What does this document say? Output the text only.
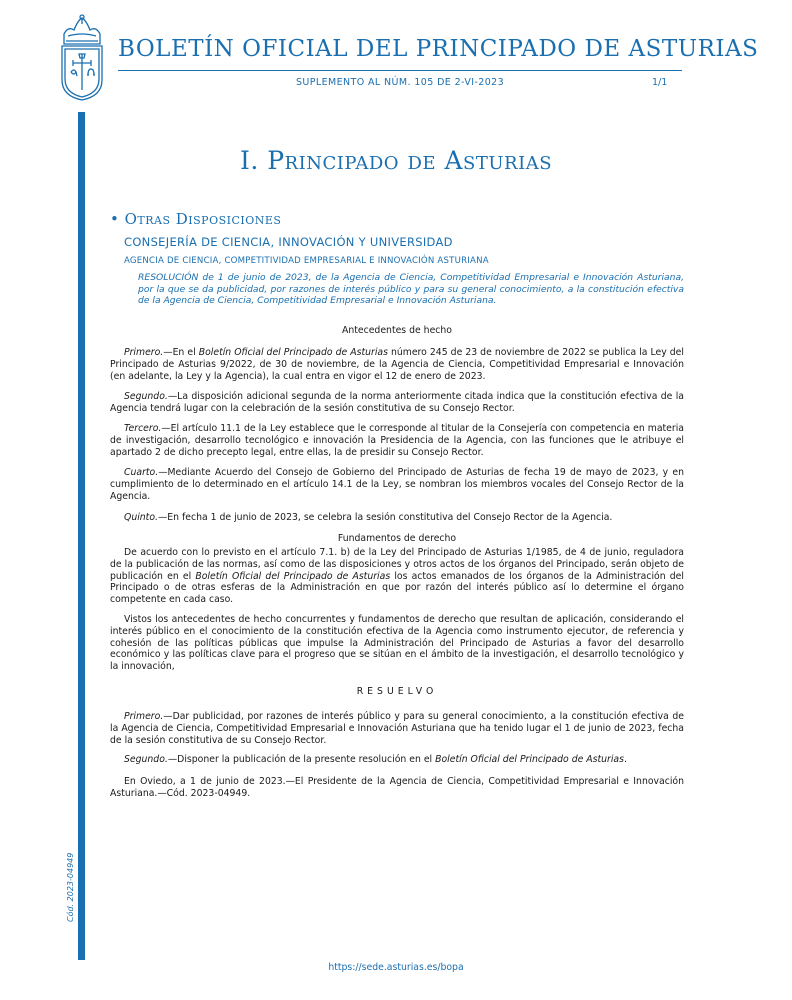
BOLETÍN OFICIAL DEL PRINCIPADO DE ASTURIAS
SUPLEMENTO AL NÚM. 105 DE 2-VI-2023	1/1
Cód. 2023-04949
I. Principado de Asturias
• Otras Disposiciones
CONSEJERÍA DE CIENCIA, INNOVACIÓN Y UNIVERSIDAD
AGENCIA DE CIENCIA, COMPETITIVIDAD EMPRESARIAL E INNOVACIÓN ASTURIANA
RESOLUCIÓN de 1 de junio de 2023, de la Agencia de Ciencia, Competitividad Empresarial e Innovación Asturiana, por la que se da publicidad, por razones de interés público y para su general conocimiento, a la constitución efectiva de la Agencia de Ciencia, Competitividad Empresarial e Innovación Asturiana.
Antecedentes de hecho
Primero.—En el Boletín Oficial del Principado de Asturias número 245 de 23 de noviembre de 2022 se publica la Ley del Principado de Asturias 9/2022, de 30 de noviembre, de la Agencia de Ciencia, Competitividad Empresarial e Innovación (en adelante, la Ley y la Agencia), la cual entra en vigor el 12 de enero de 2023.
Segundo.—La disposición adicional segunda de la norma anteriormente citada indica que la constitución efectiva de la Agencia tendrá lugar con la celebración de la sesión constitutiva de su Consejo Rector.
Tercero.—El artículo 11.1 de la Ley establece que le corresponde al titular de la Consejería con competencia en materia de investigación, desarrollo tecnológico e innovación la Presidencia de la Agencia, con las funciones que le atribuye el apartado 2 de dicho precepto legal, entre ellas, la de presidir su Consejo Rector.
Cuarto.—Mediante Acuerdo del Consejo de Gobierno del Principado de Asturias de fecha 19 de mayo de 2023, y en cumplimiento de lo determinado en el artículo 14.1 de la Ley, se nombran los miembros vocales del Consejo Rector de la Agencia.
Quinto.—En fecha 1 de junio de 2023, se celebra la sesión constitutiva del Consejo Rector de la Agencia.
Fundamentos de derecho
De acuerdo con lo previsto en el artículo 7.1. b) de la Ley del Principado de Asturias 1/1985, de 4 de junio, reguladora de la publicación de las normas, así como de las disposiciones y otros actos de los órganos del Principado, serán objeto de publicación en el Boletín Oficial del Principado de Asturias los actos emanados de los órganos de la Administración del Principado o de otras esferas de la Administración en que por razón del interés público así lo determine el órgano competente en cada caso.
Vistos los antecedentes de hecho concurrentes y fundamentos de derecho que resultan de aplicación, considerando el interés público en el conocimiento de la constitución efectiva de la Agencia como instrumento ejecutor, de referencia y cohesión de las políticas públicas que impulse la Administración del Principado de Asturias a favor del desarrollo económico y las políticas clave para el progreso que se sitúan en el ámbito de la investigación, el desarrollo tecnológico y la innovación,
RESUELVO
Primero.—Dar publicidad, por razones de interés público y para su general conocimiento, a la constitución efectiva de la Agencia de Ciencia, Competitividad Empresarial e Innovación Asturiana que ha tenido lugar el 1 de junio de 2023, fecha de la sesión constitutiva de su Consejo Rector.
Segundo.—Disponer la publicación de la presente resolución en el Boletín Oficial del Principado de Asturias.
En Oviedo, a 1 de junio de 2023.—El Presidente de la Agencia de Ciencia, Competitividad Empresarial e Innovación Asturiana.—Cód. 2023-04949.
https://sede.asturias.es/bopa
